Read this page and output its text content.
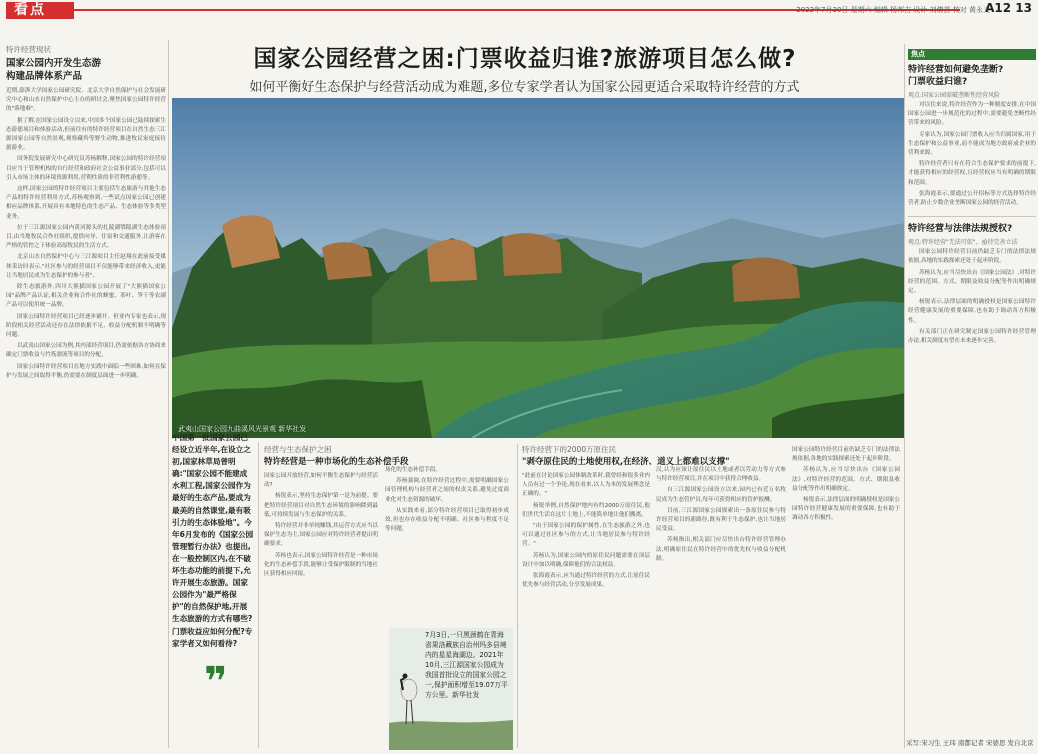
看点	2022年7月30日 星期六 编辑 杨邦吉 设计 刘倩芸 校对 黄永义
A12 13
国家公园经营之困:门票收益归谁?旅游项目怎么做?
如何平衡好生态保护与经营活动成为难题,多位专家学者认为国家公园更适合采取特许经营的方式
特许经营现状
国家公园内开发生态游
构建品牌体系产品

近期,澎湃大学国家公园研究院、北京大学自然保护与社会发展研究中心和山水自然保护中心主办的研讨会,聚焦国家公园特许经营的"落地难"。

据了解,在国家公园设立以来,中国多个国家公园已陆续探索生态游憩项目和体验活动,但前往有的特许经营项目在自然生态三江源国家公园等自然景观,观察藏羚等野生动物,推进牧民家庭接待旅游业。

国务院发展研究中心研究员苏杨解释,国家公园的特许经营项目应当于管理机构的自行经营和政府社会公益事业部分,包括可以引入市场主体的环境资源利用,营利性质的非营利性游憩等。

这样,国家公园的特许经营项目主要包括生态旅游与其他生态产品的特许经营利用方式,苏杨观察到,一些试点国家公园已创建相应品牌体系,开展具有本地特色的生态产品、生态体验等多类型业务。

位于三江源国家公园内黄河源头的扎陵湖鄂陵湖生态体验项目,由当地牧民合作社组织,提供向导、住宿和交通服务,让游客在严格的管控之下体验高原牧民的生活方式。

北京山水自然保护中心与三江源项目主任赵翔在此前接受媒体采访时表示,"社区参与的经营项目不仅能够带来经济收入,更能让当地居民成为生态保护的参与者"。

除生态旅游外,四川大熊猫国家公园开展了"大熊猫国家公园"品牌产品认证,相关企业和合作社的蜂蜜、茶叶、笋干等农副产品可以使用统一品牌。

国家公园特许经营项目已经逐步铺开。但业内专家也表示,现阶段相关经营活动还存在法律依据不足、收益分配机制不明确等问题。

以武夷山国家公园为例,其内部经营项目,仍需依据各方协商来确定门票收益与竹筏漂流等项目的分配。

国家公园特许经营项目在地方实践中面临一些困难,如何在保护与发展之间取得平衡,仍需要在制度层面进一步明确。

武夷山国家公园九曲溪风光景观 新华社发
中国第一批国家公园已经设立近半年,在设立之初,国家林草局曾明确:"国家公园不能建成水利工程,国家公园作为最好的生态产品,要成为最美的自然课堂,最有吸引力的生态体验地"。今年6月发布的《国家公园管理暂行办法》也提出,在一般控制区内,在不破坏生态功能的前提下,允许开展生态旅游。国家公园作为"最严格保护"的自然保护地,开展生态旅游的方式有哪些?门票收益应如何分配?专家学者又如何看待?
❞
经营与生态保护之困
特许经营是一种市场化的生态补偿手段

国家公园开放经营,如何平衡生态保护与经营活动?

杨锐表示,坚持生态保护第一是为前提。要把特许经营项目对自然生态环境的影响降到最低,可持续发展与生态保护的关系。

特许经营并非单纯赚钱,其运营方式应当以保护生态为主,国家公园应对特许经营者提出明确要求。

苏杨也表示,国家公园特许经营是一种市场化的生态补偿手段,能够让受保护限制的当地社区获得相应回报。

场化的生态补偿手段。

苏杨强调,在特许经营过程中,需要明确国家公园管理机构与经营者之间的权责关系,避免过度商业化对生态资源的破坏。

从实践来看,部分特许经营项目已取得初步成效,但也存在收益分配不明确、社区参与程度不足等问题。

7月3日,一只黑颈鹤在青海省果洛藏族自治州玛多县境内的星星海湖边。2021年10月,三江源国家公园成为我国首批设立的国家公园之一,保护面积增至19.07万平方公里。新华社发
特许经营下的2000万原住民
"剥夺原住民的土地使用权,在经济、道义上都难以支撑"

"此前在讨论国家公园体制改革时,我曾经和很多业内人员有过一个争论,现在看来,以人为本的发展理念是正确的。"

杨锐举例,自然保护地内有约2000万原住民,他们世代生活在这片土地上,不能简单地让他们搬离。

"由于国家公园的保护属性,在生态旅游之外,也可以通过社区参与的方式,让当地居民参与特许经营。"

苏杨认为,国家公园内的原住民问题需要在顶层设计中加以明确,保障他们的合法权益。

张海霞表示,应当通过特许经营的方式,让原住民优先参与经营活动,分享发展成果。

汉,认为应该让原住民以土地或者以劳动力等方式参与特许经营项目,并在项目中获得合理收益。

自三江源国家公园设立以来,园内已有近万名牧民成为生态管护员,每年可获得相应的管护报酬。

目前,三江源国家公园探索出一条原住民参与特许经营项目的新路径,既有利于生态保护,也让当地居民受益。

苏杨指出,相关部门应尽快出台特许经营管理办法,明确原住民在特许经营中的优先权与收益分配机制。

国家公园特许经营目前仍缺乏专门的法律法规依据,各地的实践探索还处于起步阶段。

苏杨认为,应当尽快出台《国家公园法》,对特许经营的范围、方式、期限及收益分配等作出明确规定。

杨锐表示,法律层面的明确授权是国家公园特许经营健康发展的重要保障,也有助于调动各方积极性。

焦点
特许经营如何避免垄断?
门票收益归谁?
观点:国家公园需破垄断性经营风险

对以往来说,特许经营作为一种制度安排,在中国国家公园进一步规范化的过程中,需要避免垄断性经营带来的风险。

专家认为,国家公园门票收入应当归属国家,用于生态保护和公益事业,而不能成为地方政府或企业的营利来源。

特许经营者只有在符合生态保护要求的前提下,才能获得相应的经营权,且经营权应当有明确的期限和范围。

张海霞表示,要通过公开招标等方式选择特许经营者,防止少数企业垄断国家公园的经营活动。

特许经营与法律法规授权?
观点:特许经营"无法可依"、亟待完善立法

国家公园特许经营目前仍缺乏专门的法律法规依据,各地的实践探索还处于起步阶段。

苏杨认为,应当尽快出台《国家公园法》,对特许经营的范围、方式、期限及收益分配等作出明确规定。

杨锐表示,法律层面的明确授权是国家公园特许经营健康发展的重要保障,也有助于调动各方积极性。

有关部门正在研究制定国家公园特许经营管理办法,相关制度有望在未来逐步完善。

采写:宋习生 王玮 南都记者 宋婆思 发自北京
